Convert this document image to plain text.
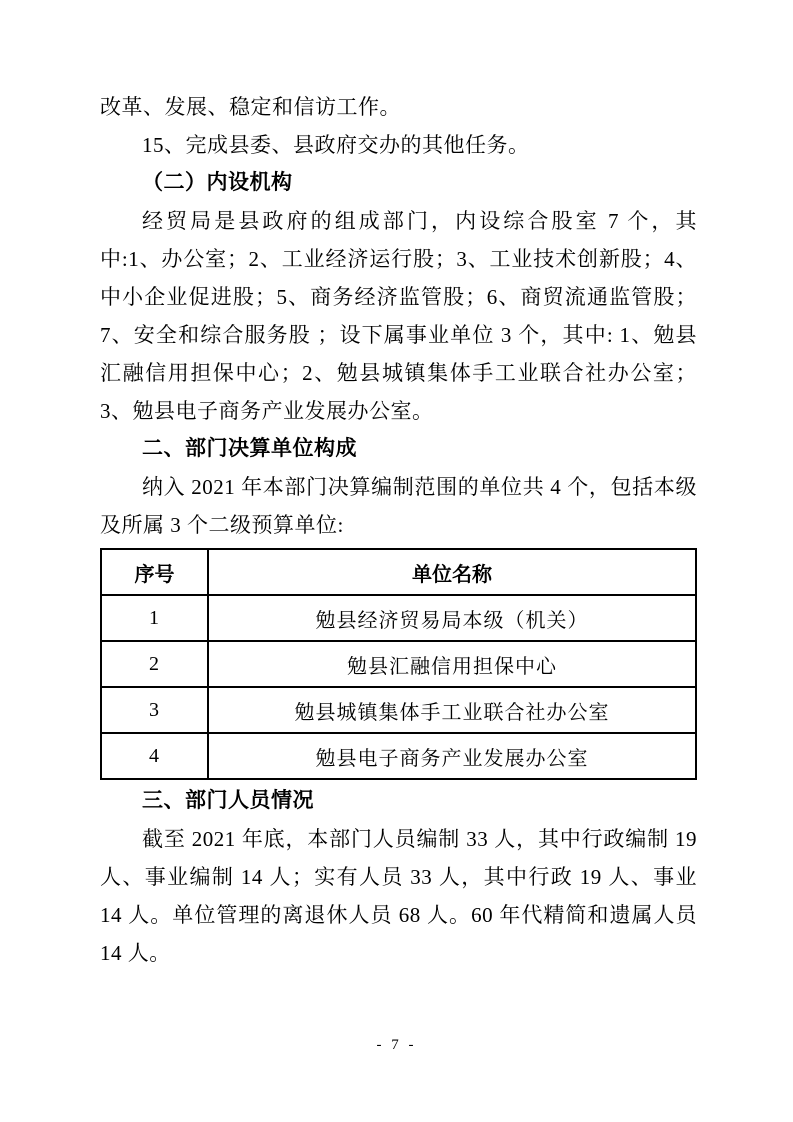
改革、发展、稳定和信访工作。

15、完成县委、县政府交办的其他任务。

（二）内设机构

经贸局是县政府的组成部门，内设综合股室 7 个，其中:1、办公室；2、工业经济运行股；3、工业技术创新股；4、中小企业促进股；5、商务经济监管股；6、商贸流通监管股；7、安全和综合服务股 ；设下属事业单位 3 个，其中: 1、勉县汇融信用担保中心；2、勉县城镇集体手工业联合社办公室；3、勉县电子商务产业发展办公室。

二、部门决算单位构成

纳入 2021 年本部门决算编制范围的单位共 4 个，包括本级及所属 3 个二级预算单位:

序号	单位名称
1	勉县经济贸易局本级（机关）
2	勉县汇融信用担保中心
3	勉县城镇集体手工业联合社办公室
4	勉县电子商务产业发展办公室

三、部门人员情况

截至 2021 年底，本部门人员编制 33 人，其中行政编制 19 人、事业编制 14 人；实有人员 33 人，其中行政 19 人、事业 14 人。单位管理的离退休人员 68 人。60 年代精简和遗属人员 14 人。

- 7 -
